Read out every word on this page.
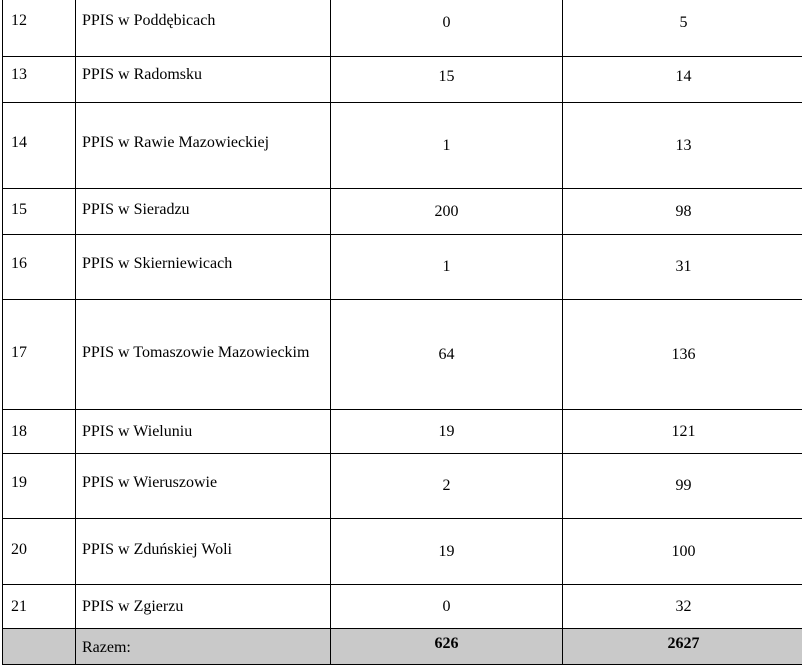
12	PPIS w Poddębicach	0	5
13	PPIS w Radomsku	15	14
14	PPIS w Rawie Mazowieckiej	1	13
15	PPIS w Sieradzu	200	98
16	PPIS w Skierniewicach	1	31
17	PPIS w Tomaszowie Mazowieckim	64	136
18	PPIS w Wieluniu	19	121
19	PPIS w Wieruszowie	2	99
20	PPIS w Zduńskiej Woli	19	100
21	PPIS w Zgierzu	0	32
	Razem:	626	2627
